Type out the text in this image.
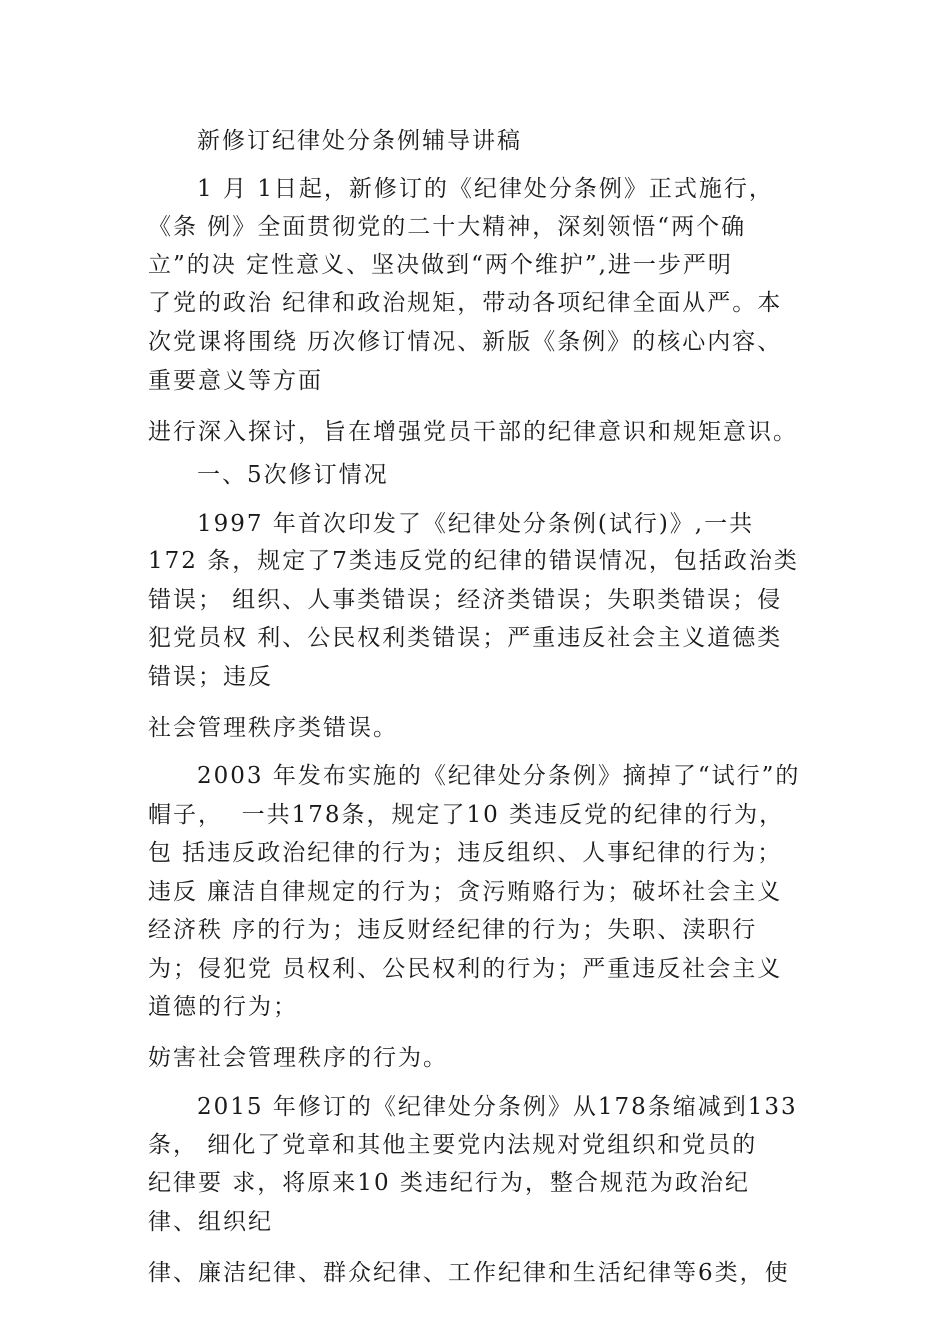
新修订纪律处分条例辅导讲稿
1 月 1日起，新修订的《纪律处分条例》正式施行，
《条 例》全面贯彻党的二十大精神，深刻领悟“两个确
立”的决 定性意义、坚决做到“两个维护”,进一步严明
了党的政治 纪律和政治规矩，带动各项纪律全面从严。本
次党课将围绕 历次修订情况、新版《条例》的核心内容、
重要意义等方面
进行深入探讨，旨在增强党员干部的纪律意识和规矩意识。
一、5次修订情况
1997 年首次印发了《纪律处分条例(试行)》,一共
172 条，规定了7类违反党的纪律的错误情况，包括政治类
错误； 组织、人事类错误；经济类错误；失职类错误；侵
犯党员权 利、公民权利类错误；严重违反社会主义道德类
错误；违反
社会管理秩序类错误。
2003 年发布实施的《纪律处分条例》摘掉了“试行”的
帽子，  一共178条，规定了10 类违反党的纪律的行为，
包 括违反政治纪律的行为；违反组织、人事纪律的行为；
违反 廉洁自律规定的行为；贪污贿赂行为；破坏社会主义
经济秩 序的行为；违反财经纪律的行为；失职、渎职行
为；侵犯党 员权利、公民权利的行为；严重违反社会主义
道德的行为；
妨害社会管理秩序的行为。
2015 年修订的《纪律处分条例》从178条缩减到133
条， 细化了党章和其他主要党内法规对党组织和党员的
纪律要 求，将原来10 类违纪行为，整合规范为政治纪
律、组织纪
律、廉洁纪律、群众纪律、工作纪律和生活纪律等6类，使
